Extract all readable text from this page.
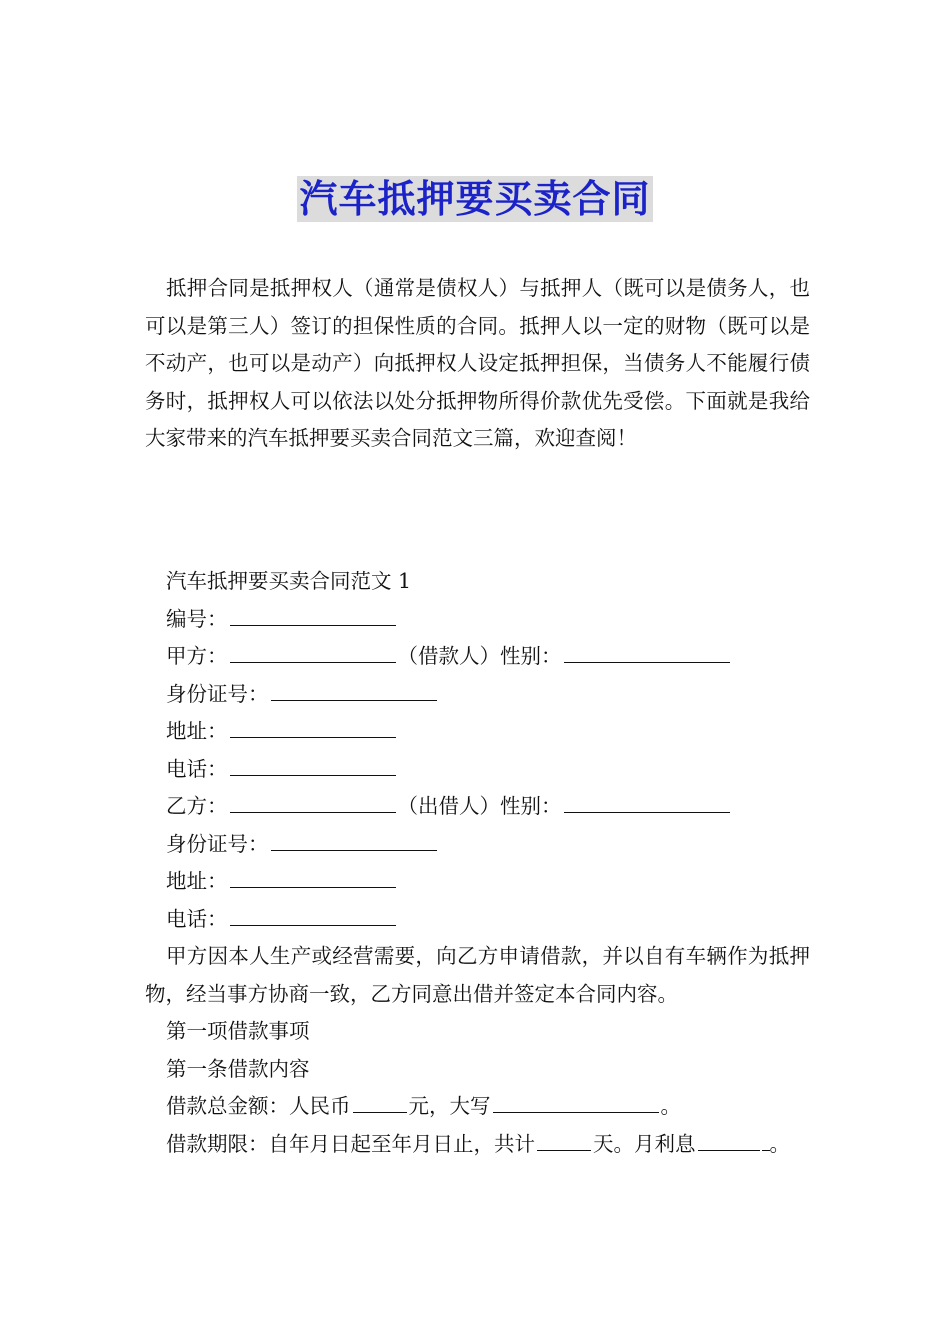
汽车抵押要买卖合同

抵押合同是抵押权人（通常是债权人）与抵押人（既可以是债务人，也可以是第三人）签订的担保性质的合同。抵押人以一定的财物（既可以是不动产，也可以是动产）向抵押权人设定抵押担保，当债务人不能履行债务时，抵押权人可以依法以处分抵押物所得价款优先受偿。下面就是我给大家带来的汽车抵押要买卖合同范文三篇，欢迎查阅！

汽车抵押要买卖合同范文 1
编号：
甲方：	（借款人）性别：
身份证号：
地址：
电话：
乙方：	（出借人）性别：
身份证号：
地址：
电话：
甲方因本人生产或经营需要，向乙方申请借款，并以自有车辆作为抵押物，经当事方协商一致，乙方同意出借并签定本合同内容。
第一项借款事项
第一条借款内容
借款总金额：人民币	元，大写	。
借款期限：自年月日起至年月日止，共计	天。月利息	。
